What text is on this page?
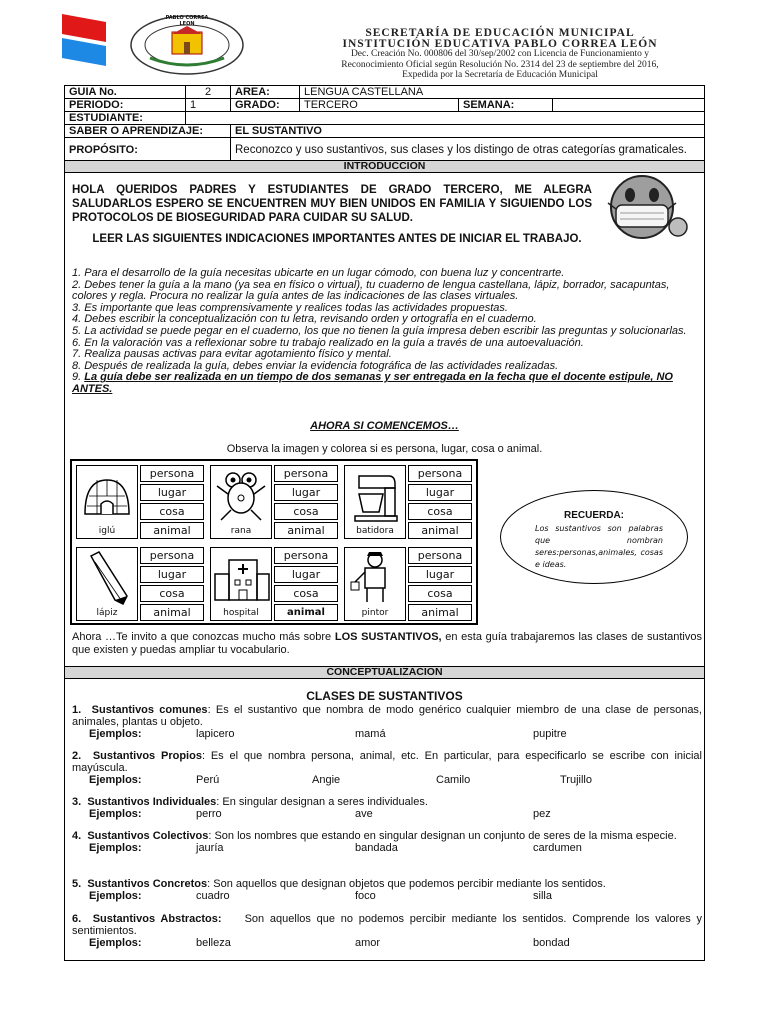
PABLO CORREA LEON
SECRETARÍA DE EDUCACIÓN MUNICIPAL
INSTITUCIÓN EDUCATIVA PABLO CORREA LEÓN
Dec. Creación No. 000806 del 30/sep/2002 con Licencia de Funcionamiento y
Reconocimiento Oficial según Resolución No. 2314 del 23 de septiembre del 2016,
Expedida por la Secretaría de Educación Municipal
GUIA No.	2	AREA:	LENGUA CASTELLANA		
PERIODO:	1	GRADO:	TERCERO	SEMANA:	
ESTUDIANTE:					
SABER O APRENDIZAJE:		EL SUSTANTIVO			
PROPÓSITO:		Reconozco y uso sustantivos, sus clases y los distingo de otras categorías gramaticales.			
INTRODUCCION
HOLA QUERIDOS PADRES Y ESTUDIANTES DE GRADO TERCERO, ME ALEGRA SALUDARLOS ESPERO SE ENCUENTREN MUY BIEN UNIDOS EN FAMILIA Y SIGUIENDO LOS PROTOCOLOS DE BIOSEGURIDAD PARA CUIDAR SU SALUD.
LEER LAS SIGUIENTES INDICACIONES IMPORTANTES ANTES DE INICIAR EL TRABAJO.
1. Para el desarrollo de la guía necesitas ubicarte en un lugar cómodo, con buena luz y concentrarte.
2. Debes tener la guía a la mano (ya sea en físico o virtual), tu cuaderno de lengua castellana, lápiz, borrador, sacapuntas, colores y regla. Procura no realizar la guía antes de las indicaciones de las clases virtuales.
3. Es importante que leas comprensivamente y realices todas las actividades propuestas.
4. Debes escribir la conceptualización con tu letra, revisando orden y ortografía en el cuaderno.
5. La actividad se puede pegar en el cuaderno, los que no tienen la guía impresa deben escribir las preguntas y solucionarlas.
6. En la valoración vas a reflexionar sobre tu trabajo realizado en la guía a través de una autoevaluación.
7. Realiza pausas activas para evitar agotamiento físico y mental.
8. Después de realizada la guía, debes enviar la evidencia fotográfica de las actividades realizadas.
9. La guía debe ser realizada en un tiempo de dos semanas y ser entregada en la fecha que el docente estipule, NO ANTES.
AHORA SI COMENCEMOS…
Observa la imagen y colorea si es persona, lugar, cosa o animal.
iglú
persona
lugar
cosa
animal	rana
persona
lugar
cosa
animal	batidora
persona
lugar
cosa
animal
lápiz
persona
lugar
cosa
animal	hospital
persona
lugar
cosa
animal	pintor
persona
lugar
cosa
animal
RECUERDA:
Los sustantivos son palabras que nombran seres:personas,animales, cosas e ideas.
Ahora …Te invito a que conozcas mucho más sobre LOS SUSTANTIVOS, en esta guía trabajaremos las clases de sustantivos que existen y puedas ampliar tu vocabulario.
CONCEPTUALIZACION
CLASES DE SUSTANTIVOS
1. Sustantivos comunes: Es el sustantivo que nombra de modo genérico cualquier miembro de una clase de personas, animales, plantas u objeto.
Ejemplos:	lapicero	mamá	pupitre
2. Sustantivos Propios: Es el que nombra persona, animal, etc. En particular, para especificarlo se escribe con inicial mayúscula.
Ejemplos:	Perú	Angie	Camilo	Trujillo
3. Sustantivos Individuales: En singular designan a seres individuales.
Ejemplos:	perro	ave	pez
4. Sustantivos Colectivos: Son los nombres que estando en singular designan un conjunto de seres de la misma especie.
Ejemplos:	jauría	bandada	cardumen
5. Sustantivos Concretos: Son aquellos que designan objetos que podemos percibir mediante los sentidos.
Ejemplos:	cuadro	foco	silla
6. Sustantivos Abstractos:    Son aquellos que no podemos percibir mediante los sentidos. Comprende los valores y sentimientos.
Ejemplos:	belleza	amor	bondad
